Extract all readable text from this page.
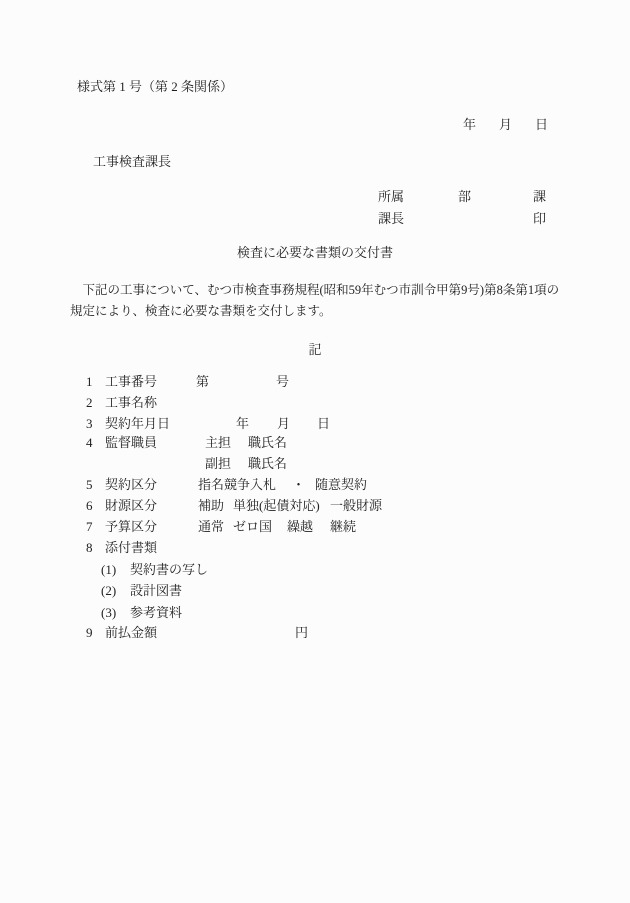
様式第 1 号（第 2 条関係）
年 月 日
工事検査課長
所属	部	課
課長	印
検査に必要な書類の交付書
　下記の工事について、むつ市検査事務規程(昭和59年むつ市訓令甲第9号)第8条第1項の
規定により、検査に必要な書類を交付します。
記
1 工事番号	第	号
2 工事名称
3 契約年月日	年 月 日
4 監督職員	主担 職氏名
副担 職氏名
5 契約区分	指名競争入札 ・ 随意契約
6 財源区分	補助 単独(起債対応) 一般財源
7 予算区分	通常 ゼロ国 繰越 継続
8 添付書類
(1) 契約書の写し
(2) 設計図書
(3) 参考資料
9 前払金額	円
